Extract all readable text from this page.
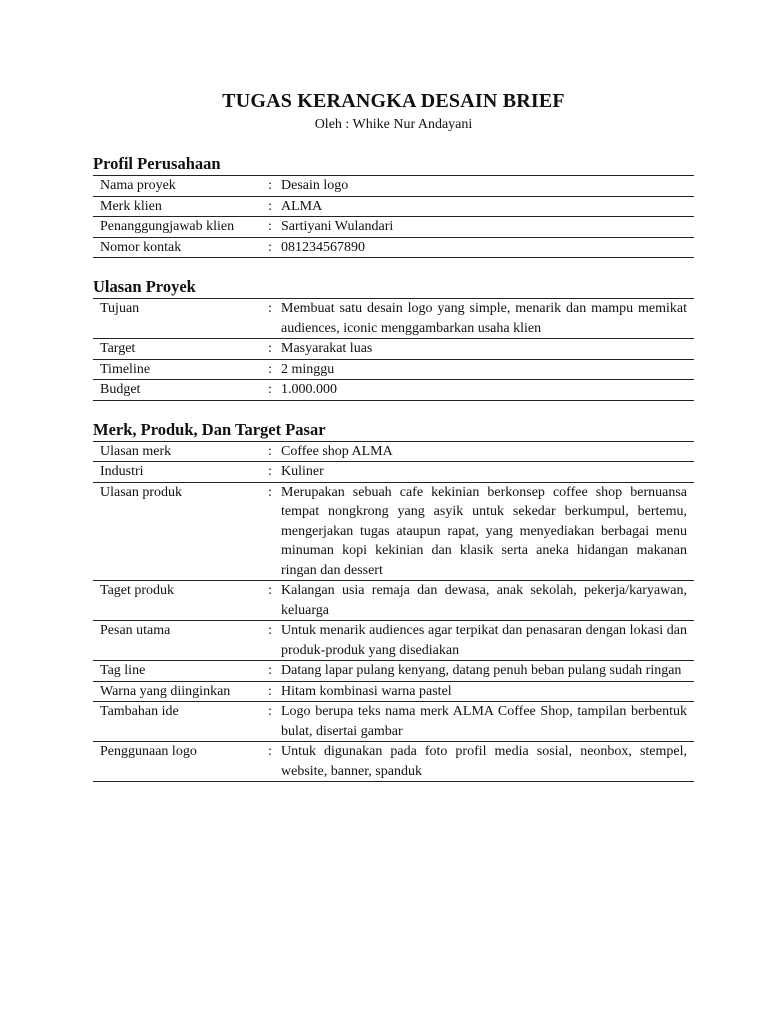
TUGAS KERANGKA DESAIN BRIEF
Oleh : Whike Nur Andayani
Profil Perusahaan
Nama proyek	:	Desain logo
Merk klien	:	ALMA
Penanggungjawab klien	:	Sartiyani Wulandari
Nomor kontak	:	081234567890
Ulasan Proyek
Tujuan	:	Membuat satu desain logo yang simple, menarik dan mampu memikat audiences, iconic menggambarkan usaha klien
Target	:	Masyarakat luas
Timeline	:	2 minggu
Budget	:	1.000.000
Merk, Produk, Dan Target Pasar
Ulasan merk	:	Coffee shop ALMA
Industri	:	Kuliner
Ulasan produk	:	Merupakan sebuah cafe kekinian berkonsep coffee shop bernuansa tempat nongkrong yang asyik untuk sekedar berkumpul, bertemu, mengerjakan tugas ataupun rapat, yang menyediakan berbagai menu minuman kopi kekinian dan klasik serta aneka hidangan makanan ringan dan dessert
Taget produk	:	Kalangan usia remaja dan dewasa, anak sekolah, pekerja/karyawan, keluarga
Pesan utama	:	Untuk menarik audiences agar terpikat dan penasaran dengan lokasi dan produk-produk yang disediakan
Tag line	:	Datang lapar pulang kenyang, datang penuh beban pulang sudah ringan
Warna yang diinginkan	:	Hitam kombinasi warna pastel
Tambahan ide	:	Logo berupa teks nama merk ALMA Coffee Shop, tampilan berbentuk bulat, disertai gambar
Penggunaan logo	:	Untuk digunakan pada foto profil media sosial, neonbox, stempel, website, banner, spanduk
